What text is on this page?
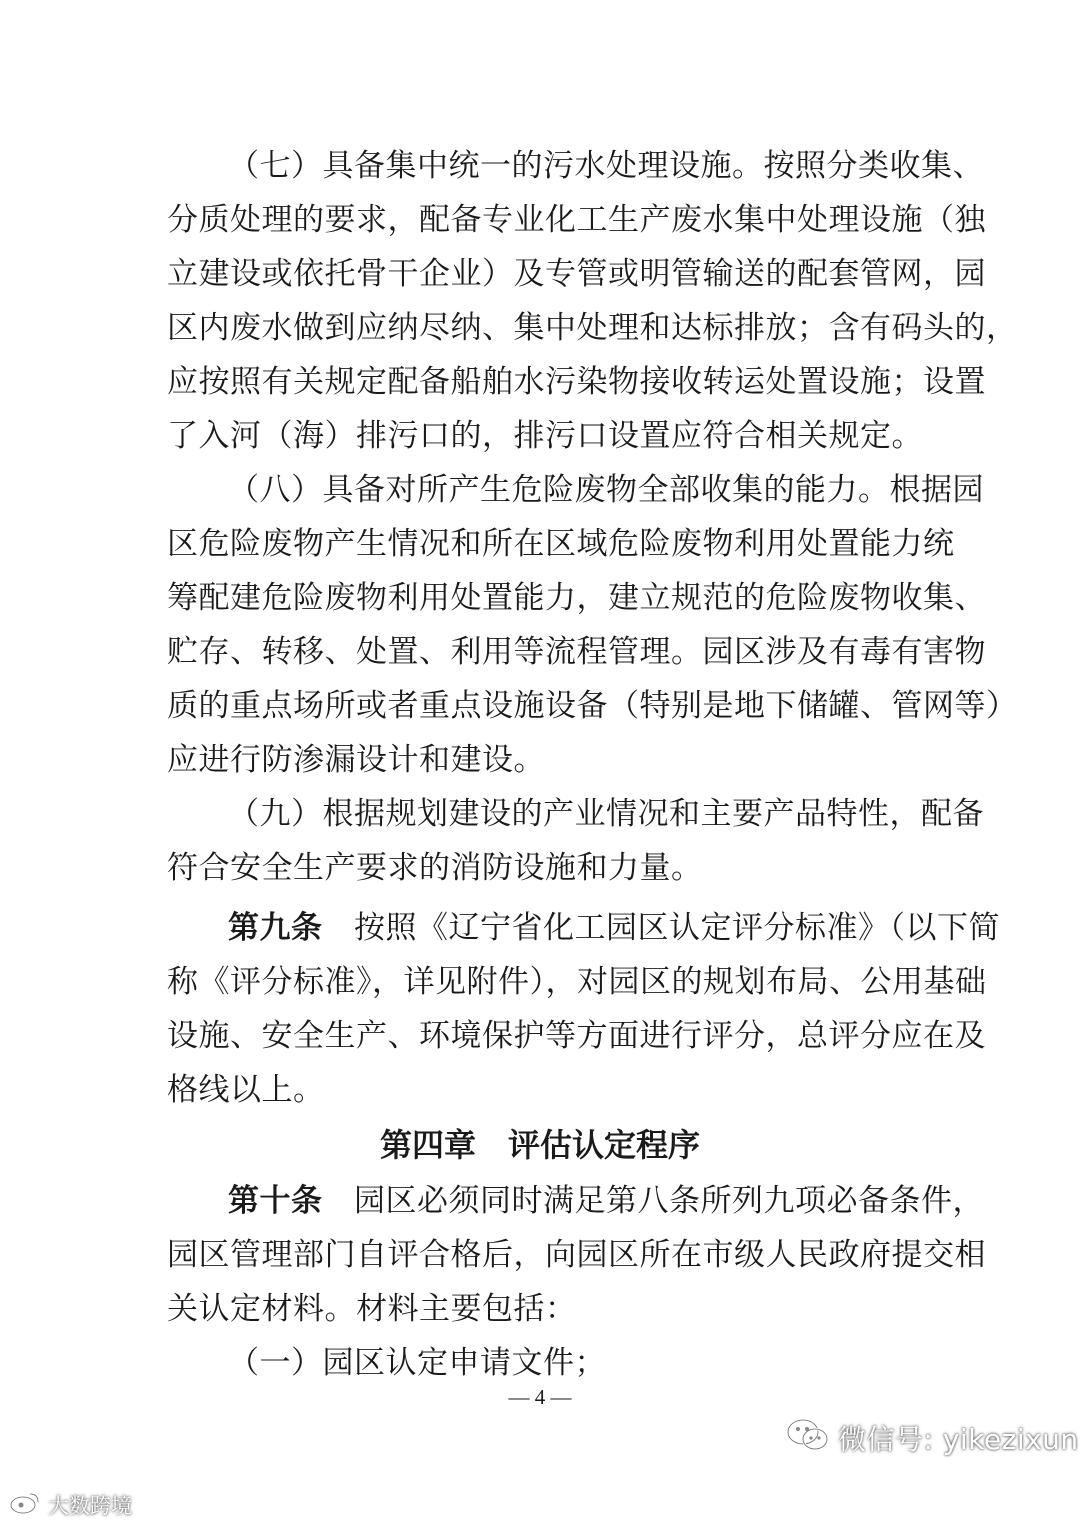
（七）具备集中统一的污水处理设施。按照分类收集、
分质处理的要求，配备专业化工生产废水集中处理设施（独
立建设或依托骨干企业）及专管或明管输送的配套管网，园
区内废水做到应纳尽纳、集中处理和达标排放；含有码头的，
应按照有关规定配备船舶水污染物接收转运处置设施；设置
了入河（海）排污口的，排污口设置应符合相关规定。
（八）具备对所产生危险废物全部收集的能力。根据园
区危险废物产生情况和所在区域危险废物利用处置能力统
筹配建危险废物利用处置能力，建立规范的危险废物收集、
贮存、转移、处置、利用等流程管理。园区涉及有毒有害物
质的重点场所或者重点设施设备（特别是地下储罐、管网等）
应进行防渗漏设计和建设。
（九）根据规划建设的产业情况和主要产品特性，配备
符合安全生产要求的消防设施和力量。
第九条　 按照《辽宁省化工园区认定评分标准》（以下简
称《评分标准》，详见附件），对园区的规划布局、公用基础
设施、安全生产、环境保护等方面进行评分，总评分应在及
格线以上。
第四章　评估认定程序
第十条　 园区必须同时满足第八条所列九项必备条件，
园区管理部门自评合格后，向园区所在市级人民政府提交相
关认定材料。材料主要包括：
（一）园区认定申请文件；
— 4 —
微信号: yikezixun
大数跨境
